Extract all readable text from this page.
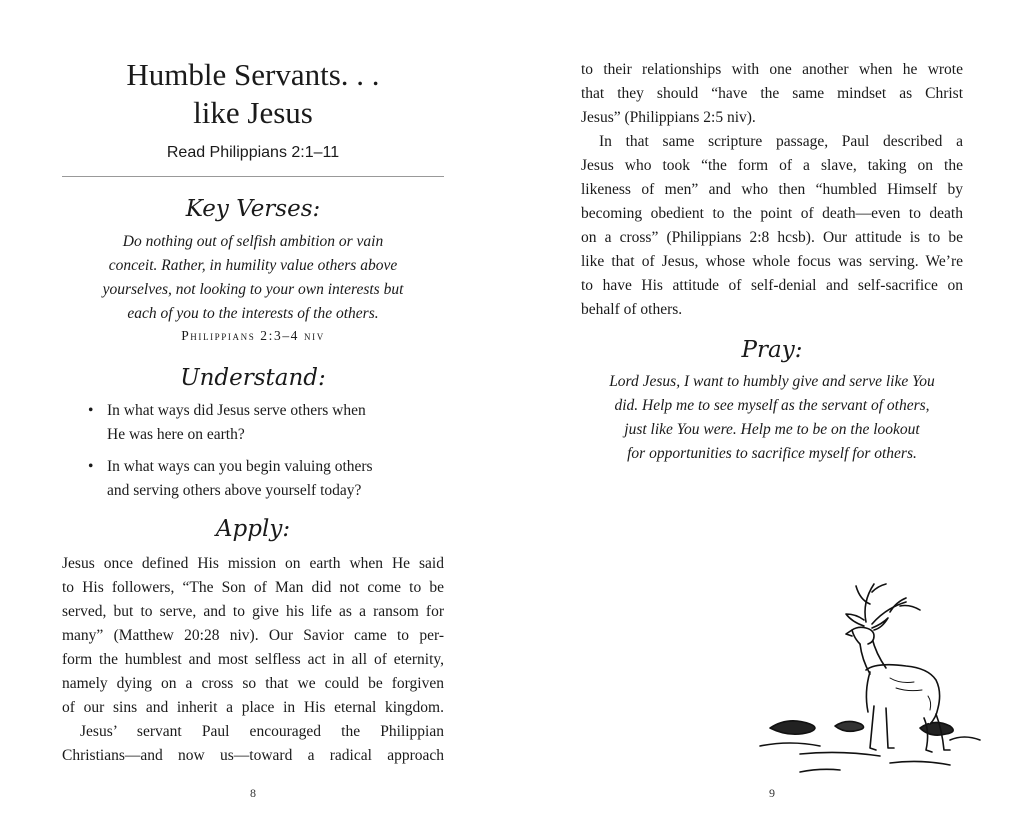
Humble Servants. . .
like Jesus
Read Philippians 2:1–11
Key Verses:
Do nothing out of selfish ambition or vain
conceit. Rather, in humility value others above
yourselves, not looking to your own interests but
each of you to the interests of the others.
Philippians 2:3–4 niv
Understand:
• In what ways did Jesus serve others when
He was here on earth?
• In what ways can you begin valuing others
and serving others above yourself today?
Apply:
Jesus once defined His mission on earth when He said
to His followers, “The Son of Man did not come to be
served, but to serve, and to give his life as a ransom for
many” (Matthew 20:28 niv). Our Savior came to per-
form the humblest and most selfless act in all of eternity,
namely dying on a cross so that we could be forgiven
of our sins and inherit a place in His eternal kingdom.
Jesus’ servant Paul encouraged the Philippian
Christians—and now us—toward a radical approach
8
to their relationships with one another when he wrote
that they should “have the same mindset as Christ
Jesus” (Philippians 2:5 niv).
In that same scripture passage, Paul described a
Jesus who took “the form of a slave, taking on the
likeness of men” and who then “humbled Himself by
becoming obedient to the point of death—even to death
on a cross” (Philippians 2:8 hcsb). Our attitude is to be
like that of Jesus, whose whole focus was serving. We’re
to have His attitude of self-denial and self-sacrifice on
behalf of others.
Pray:
Lord Jesus, I want to humbly give and serve like You
did. Help me to see myself as the servant of others,
just like You were. Help me to be on the lookout
for opportunities to sacrifice myself for others.
9
